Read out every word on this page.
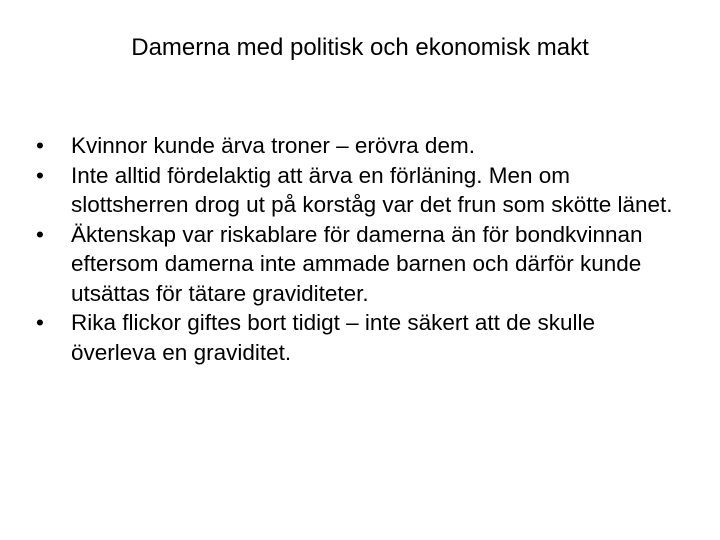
Damerna med politisk och ekonomisk makt
•	Kvinnor kunde ärva troner – erövra dem.
•	Inte alltid fördelaktig att ärva en förläning. Men om slottsherren drog ut på korståg var det frun som skötte länet.
•	Äktenskap var riskablare för damerna än för bondkvinnan eftersom damerna inte ammade barnen och därför kunde utsättas för tätare graviditeter.
•	Rika flickor giftes bort tidigt – inte säkert att de skulle överleva en graviditet.
